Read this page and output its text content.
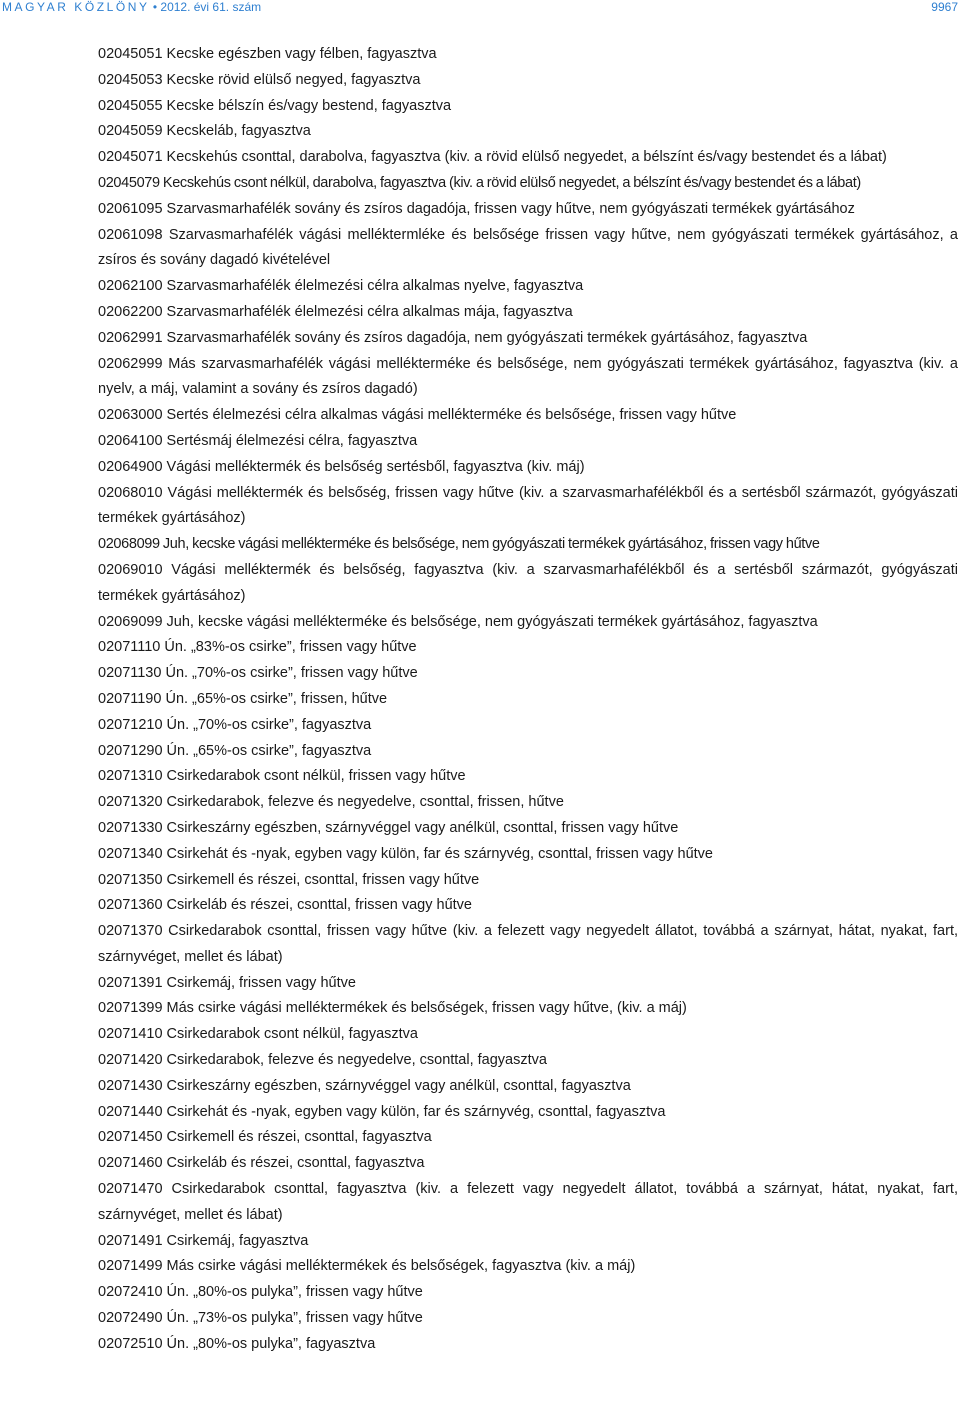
MAGYAR KÖZLÖNY • 2012. évi 61. szám	9967

02045051 Kecske egészben vagy félben, fagyasztva

02045053 Kecske rövid elülső negyed, fagyasztva

02045055 Kecske bélszín és/vagy bestend, fagyasztva

02045059 Kecskeláb, fagyasztva

02045071 Kecskehús csonttal, darabolva, fagyasztva (kiv. a rövid elülső negyedet, a bélszínt és/vagy bestendet és a lábat)

02045079 Kecskehús csont nélkül, darabolva, fagyasztva (kiv. a rövid elülső negyedet, a bélszínt és/vagy bestendet és a lábat)

02061095 Szarvasmarhafélék sovány és zsíros dagadója, frissen vagy hűtve, nem gyógyászati termékek gyártásához

02061098 Szarvasmarhafélék vágási melléktermléke és belsősége frissen vagy hűtve, nem gyógyászati termékek gyártásához, a zsíros és sovány dagadó kivételével

02062100 Szarvasmarhafélék élelmezési célra alkalmas nyelve, fagyasztva

02062200 Szarvasmarhafélék élelmezési célra alkalmas mája, fagyasztva

02062991 Szarvasmarhafélék sovány és zsíros dagadója, nem gyógyászati termékek gyártásához, fagyasztva

02062999 Más szarvasmarhafélék vágási mellékterméke és belsősége, nem gyógyászati termékek gyártásához, fagyasztva (kiv. a nyelv, a máj, valamint a sovány és zsíros dagadó)

02063000 Sertés élelmezési célra alkalmas vágási mellékterméke és belsősége, frissen vagy hűtve

02064100 Sertésmáj élelmezési célra, fagyasztva

02064900 Vágási melléktermék és belsőség sertésből, fagyasztva (kiv. máj)

02068010 Vágási melléktermék és belsőség, frissen vagy hűtve (kiv. a szarvasmarhafélékből és a sertésből származót, gyógyászati termékek gyártásához)

02068099 Juh, kecske vágási mellékterméke és belsősége, nem gyógyászati termékek gyártásához, frissen vagy hűtve

02069010 Vágási melléktermék és belsőség, fagyasztva (kiv. a szarvasmarhafélékből és a sertésből származót, gyógyászati termékek gyártásához)

02069099 Juh, kecske vágási mellékterméke és belsősége, nem gyógyászati termékek gyártásához, fagyasztva

02071110 Ún. „83%-os csirke”, frissen vagy hűtve

02071130 Ún. „70%-os csirke”, frissen vagy hűtve

02071190 Ún. „65%-os csirke”, frissen, hűtve

02071210 Ún. „70%-os csirke”, fagyasztva

02071290 Ún. „65%-os csirke”, fagyasztva

02071310 Csirkedarabok csont nélkül, frissen vagy hűtve

02071320 Csirkedarabok, felezve és negyedelve, csonttal, frissen, hűtve

02071330 Csirkeszárny egészben, szárnyvéggel vagy anélkül, csonttal, frissen vagy hűtve

02071340 Csirkehát és -nyak, egyben vagy külön, far és szárnyvég, csonttal, frissen vagy hűtve

02071350 Csirkemell és részei, csonttal, frissen vagy hűtve

02071360 Csirkeláb és részei, csonttal, frissen vagy hűtve

02071370 Csirkedarabok csonttal, frissen vagy hűtve (kiv. a felezett vagy negyedelt állatot, továbbá a szárnyat, hátat, nyakat, fart, szárnyvéget, mellet és lábat)

02071391 Csirkemáj, frissen vagy hűtve

02071399 Más csirke vágási melléktermékek és belsőségek, frissen vagy hűtve, (kiv. a máj)

02071410 Csirkedarabok csont nélkül, fagyasztva

02071420 Csirkedarabok, felezve és negyedelve, csonttal, fagyasztva

02071430 Csirkeszárny egészben, szárnyvéggel vagy anélkül, csonttal, fagyasztva

02071440 Csirkehát és -nyak, egyben vagy külön, far és szárnyvég, csonttal, fagyasztva

02071450 Csirkemell és részei, csonttal, fagyasztva

02071460 Csirkeláb és részei, csonttal, fagyasztva

02071470 Csirkedarabok csonttal, fagyasztva (kiv. a felezett vagy negyedelt állatot, továbbá a szárnyat, hátat, nyakat, fart, szárnyvéget, mellet és lábat)

02071491 Csirkemáj, fagyasztva

02071499 Más csirke vágási melléktermékek és belsőségek, fagyasztva (kiv. a máj)

02072410 Ún. „80%-os pulyka”, frissen vagy hűtve

02072490 Ún. „73%-os pulyka”, frissen vagy hűtve

02072510 Ún. „80%-os pulyka”, fagyasztva
